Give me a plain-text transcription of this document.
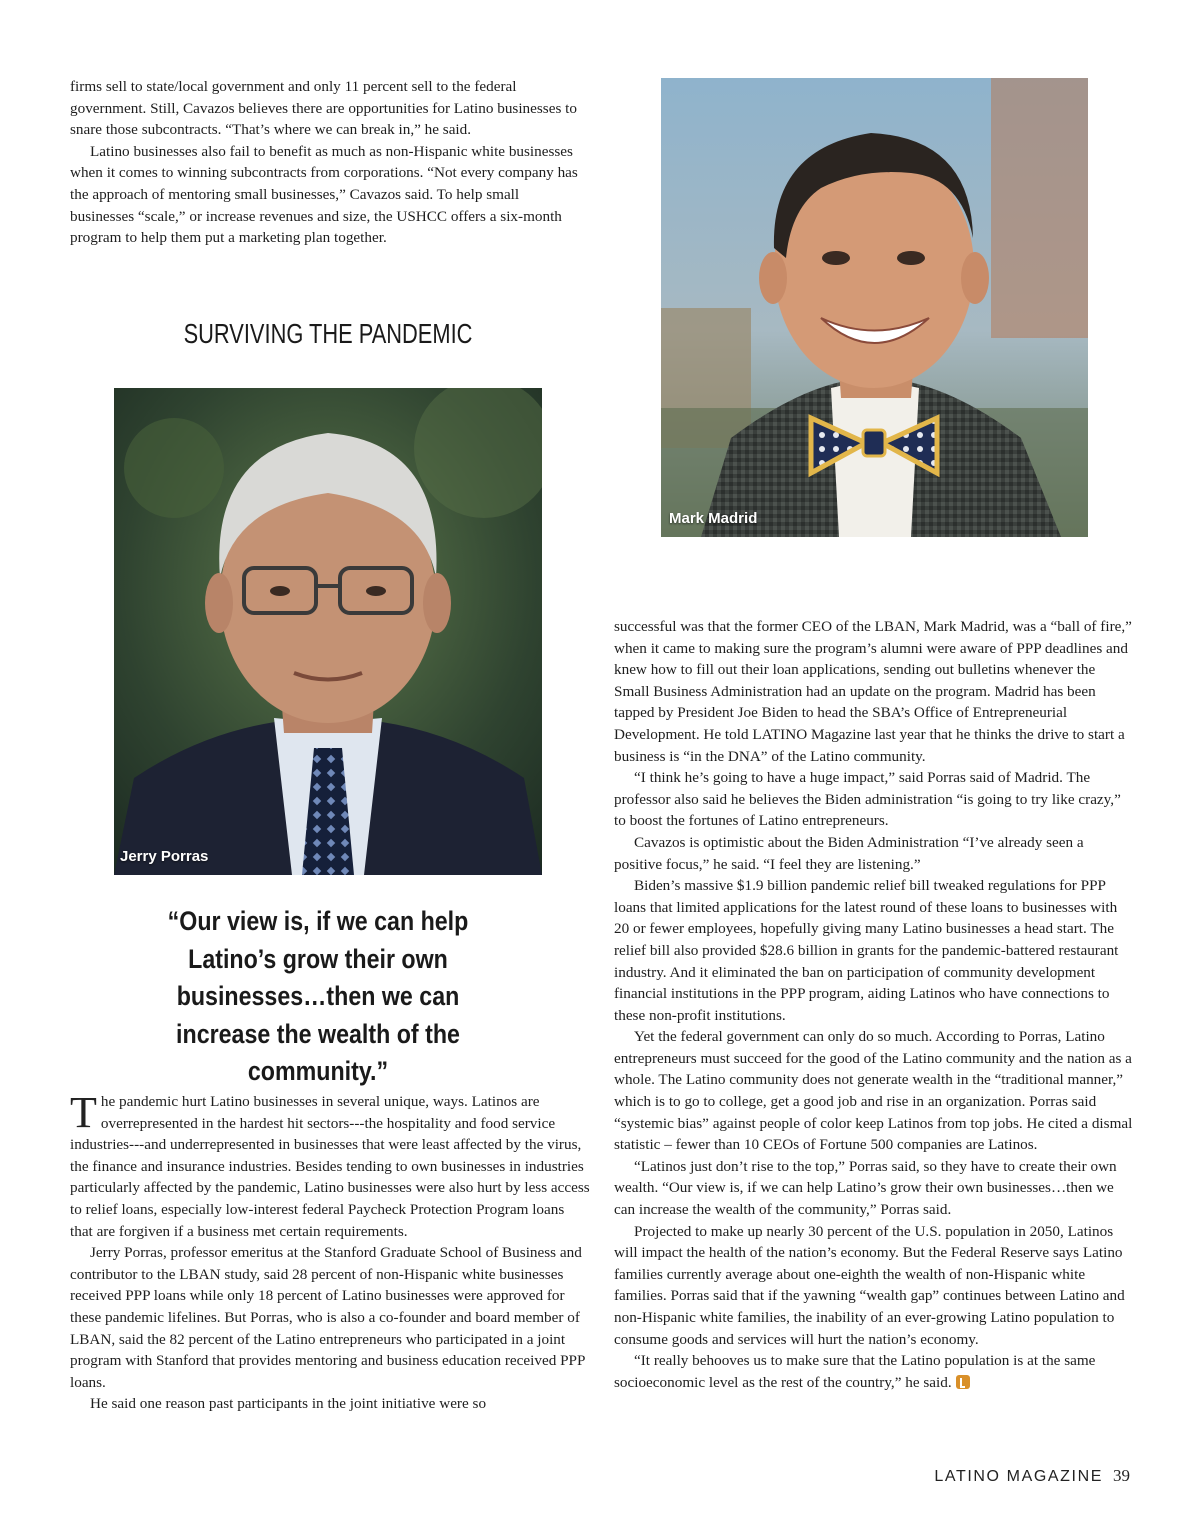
firms sell to state/local government and only 11 percent sell to the federal government. Still, Cavazos believes there are opportunities for Latino businesses to snare those subcontracts. “That’s where we can break in,” he said.

Latino businesses also fail to benefit as much as non-Hispanic white businesses when it comes to winning subcontracts from corporations. “Not every company has the approach of mentoring small businesses,” Cavazos said. To help small businesses “scale,” or increase revenues and size, the USHCC offers a six-month program to help them put a marketing plan together.

SURVIVING THE PANDEMIC
Mark Madrid
Jerry Porras
“Our view is, if we can help Latino’s grow their own businesses…then we can increase the wealth of the community.”

The pandemic hurt Latino businesses in several unique, ways. Latinos are overrepresented in the hardest hit sectors---the hospitality and food service industries---and underrepresented in businesses that were least affected by the virus, the finance and insurance industries. Besides tending to own businesses in industries particularly affected by the pandemic, Latino businesses were also hurt by less access to relief loans, especially low-interest federal Paycheck Protection Program loans that are forgiven if a business met certain requirements.

Jerry Porras, professor emeritus at the Stanford Graduate School of Business and contributor to the LBAN study, said 28 percent of non-Hispanic white businesses received PPP loans while only 18 percent of Latino businesses were approved for these pandemic lifelines. But Porras, who is also a co-founder and board member of LBAN, said the 82 percent of the Latino entrepreneurs who participated in a joint program with Stanford that provides mentoring and business education received PPP loans.

He said one reason past participants in the joint initiative were so

successful was that the former CEO of the LBAN, Mark Madrid, was a “ball of fire,” when it came to making sure the program’s alumni were aware of PPP deadlines and knew how to fill out their loan applications, sending out bulletins whenever the Small Business Administration had an update on the program. Madrid has been tapped by President Joe Biden to head the SBA’s Office of Entrepreneurial Development. He told LATINO Magazine last year that he thinks the drive to start a business is “in the DNA” of the Latino community.

“I think he’s going to have a huge impact,” said Porras said of Madrid. The professor also said he believes the Biden administration “is going to try like crazy,” to boost the fortunes of Latino entrepreneurs.

Cavazos is optimistic about the Biden Administration “I’ve already seen a positive focus,” he said. “I feel they are listening.”

Biden’s massive $1.9 billion pandemic relief bill tweaked regulations for PPP loans that limited applications for the latest round of these loans to businesses with 20 or fewer employees, hopefully giving many Latino businesses a head start. The relief bill also provided $28.6 billion in grants for the pandemic-battered restaurant industry. And it eliminated the ban on participation of community development financial institutions in the PPP program, aiding Latinos who have connections to these non-profit institutions.

Yet the federal government can only do so much. According to Porras, Latino entrepreneurs must succeed for the good of the Latino community and the nation as a whole. The Latino community does not generate wealth in the “traditional manner,” which is to go to college, get a good job and rise in an organization. Porras said “systemic bias” against people of color keep Latinos from top jobs. He cited a dismal statistic – fewer than 10 CEOs of Fortune 500 companies are Latinos.

“Latinos just don’t rise to the top,” Porras said, so they have to create their own wealth. “Our view is, if we can help Latino’s grow their own businesses…then we can increase the wealth of the community,” Porras said.

Projected to make up nearly 30 percent of the U.S. population in 2050, Latinos will impact the health of the nation’s economy. But the Federal Reserve says Latino families currently average about one-eighth the wealth of non-Hispanic white families. Porras said that if the yawning “wealth gap” continues between Latino and non-Hispanic white families, the inability of an ever-growing Latino population to consume goods and services will hurt the nation’s economy.

“It really behooves us to make sure that the Latino population is at the same socioeconomic level as the rest of the country,” he said.

LATINO MAGAZINE 39
